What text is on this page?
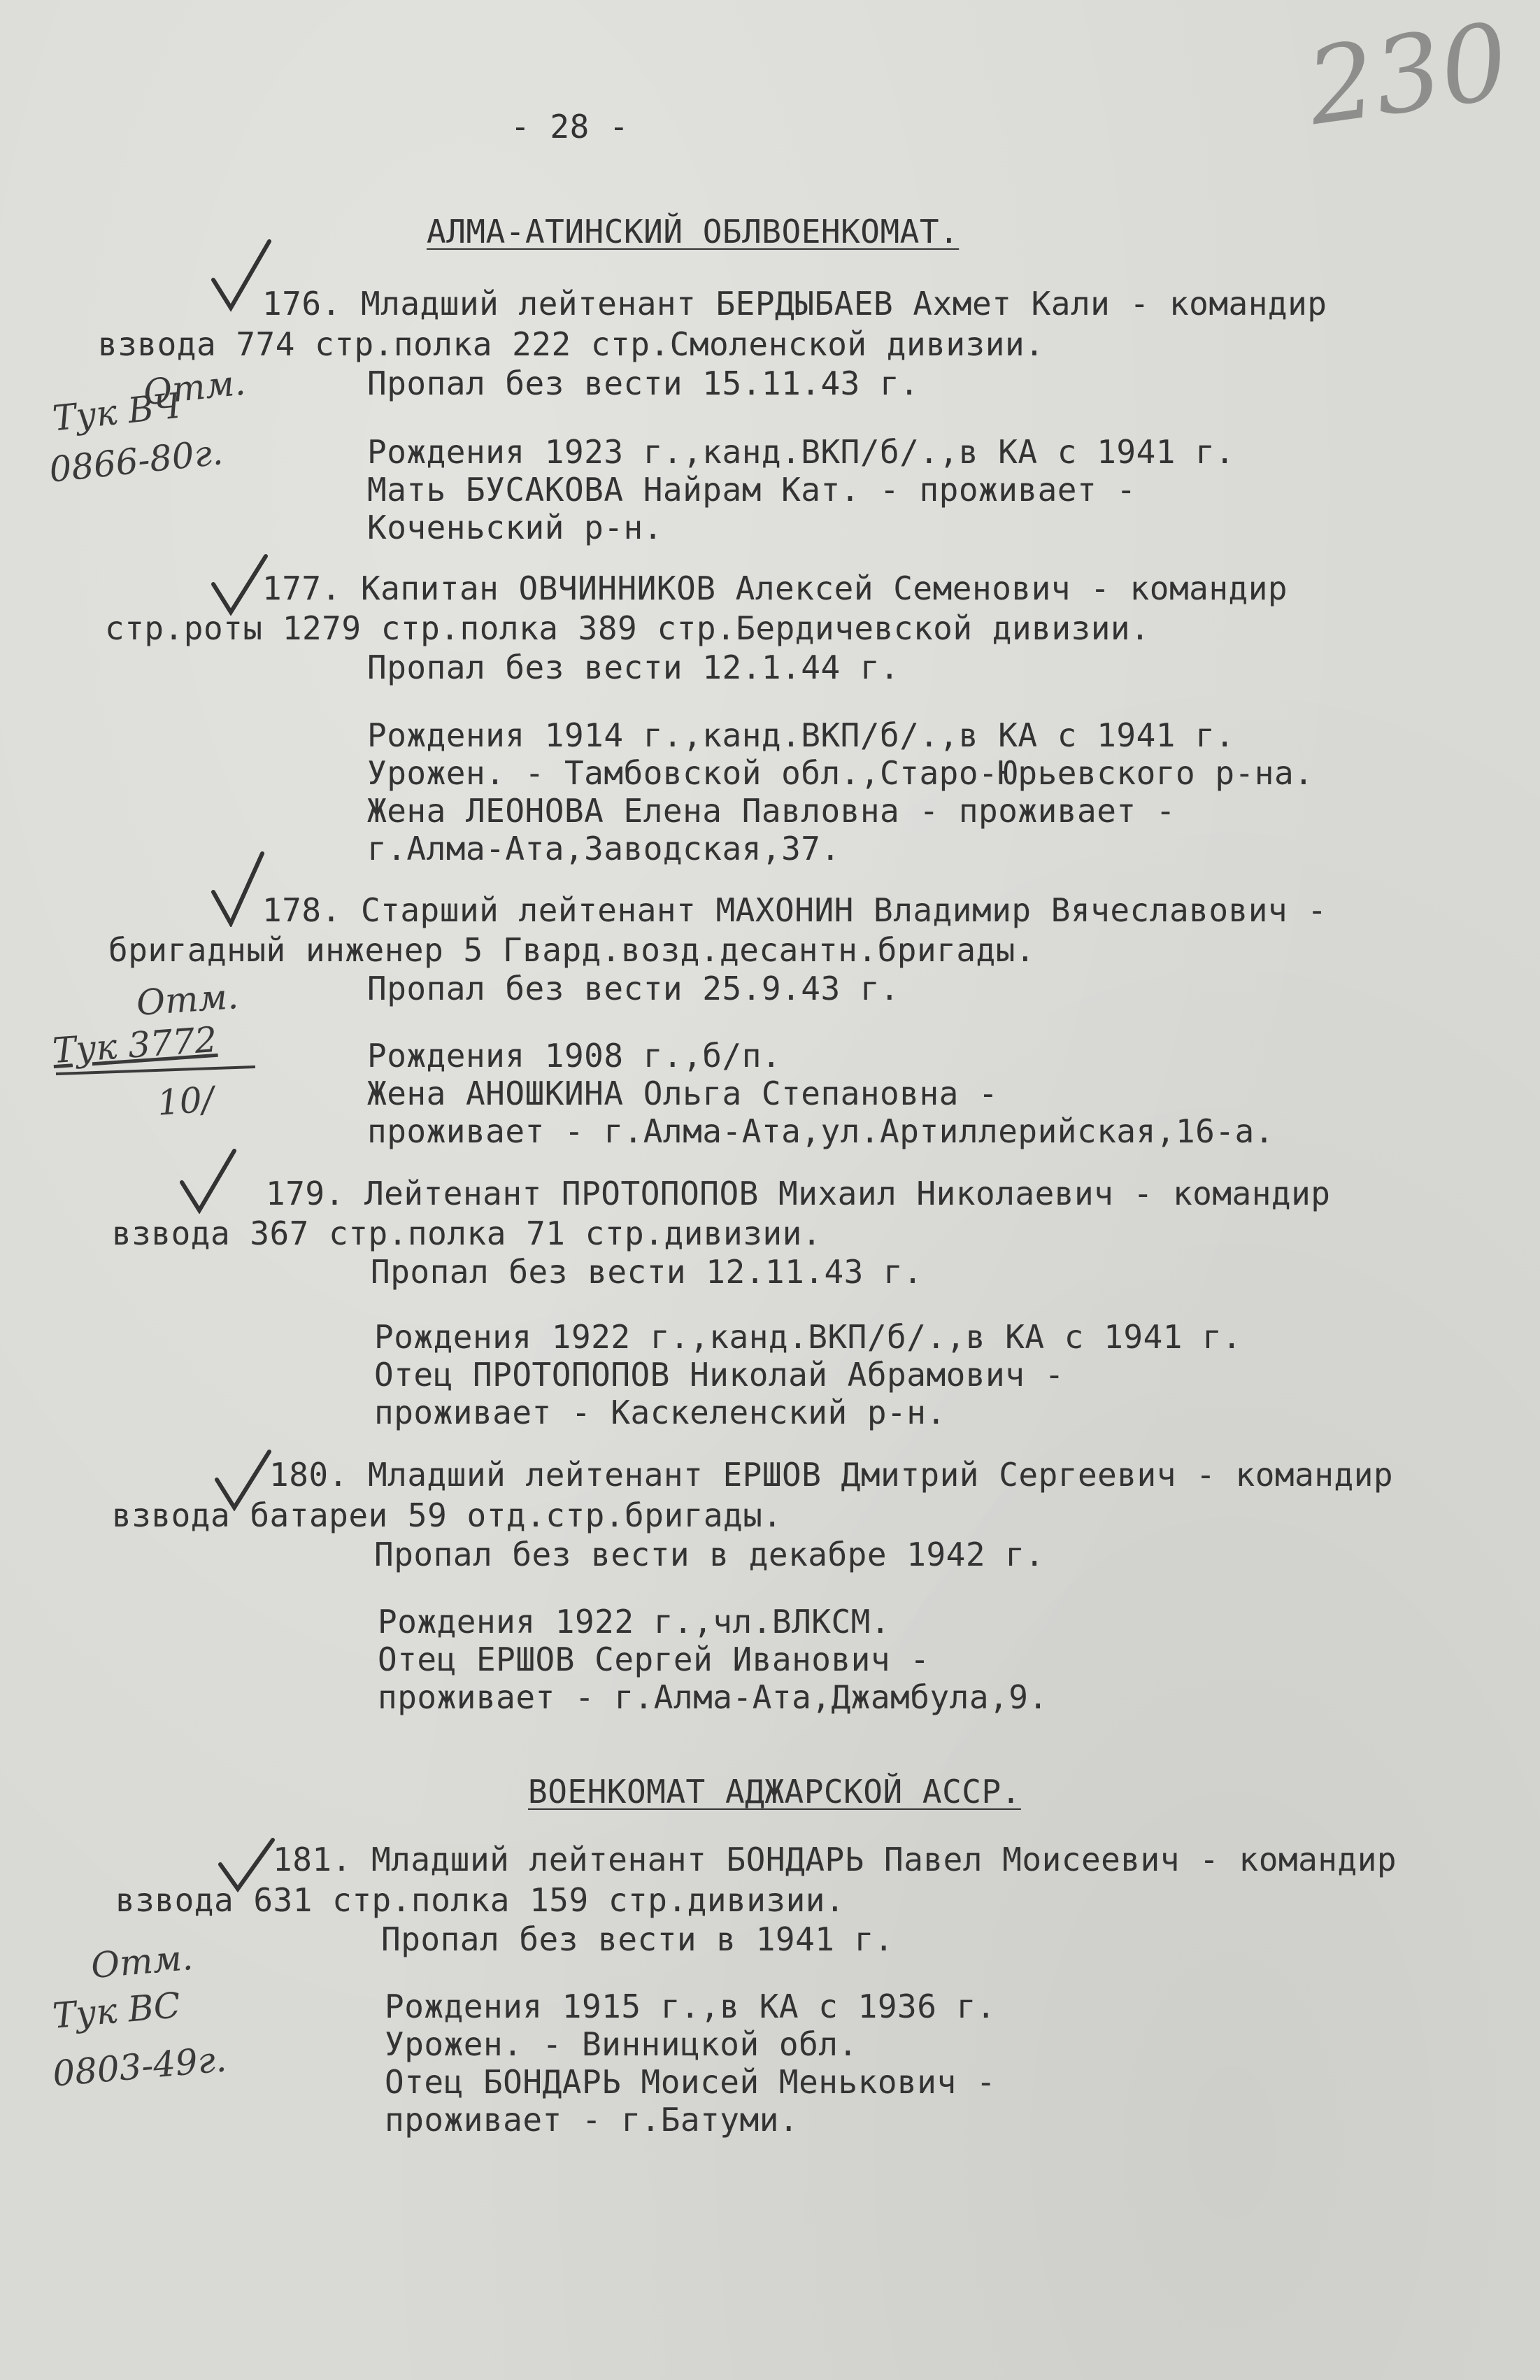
230
- 28 -
АЛМА-АТИНСКИЙ ОБЛВОЕНКОМАТ.
176. Младший лейтенант БЕРДЫБАЕВ Ахмет Кали - командир
взвода 774 стр.полка 222 стр.Смоленской дивизии.
Пропал без вести 15.11.43 г.
Рождения 1923 г.,канд.ВКП/б/.,в КА с 1941 г.
Мать БУСАКОВА Найрам Кат. - проживает -
Коченьский р-н.
Отм.
Тук ВЧ
0866-80г.
177. Капитан ОВЧИННИКОВ Алексей Семенович - командир
стр.роты 1279 стр.полка 389 стр.Бердичевской дивизии.
Пропал без вести 12.1.44 г.
Рождения 1914 г.,канд.ВКП/б/.,в КА с 1941 г.
Урожен. - Тамбовской обл.,Старо-Юрьевского р-на.
Жена ЛЕОНОВА Елена Павловна - проживает -
г.Алма-Ата,Заводская,37.
178. Старший лейтенант МАХОНИН Владимир Вячеславович -
бригадный инженер 5 Гвард.возд.десантн.бригады.
Пропал без вести 25.9.43 г.
Рождения 1908 г.,б/п.
Жена АНОШКИНА Ольга Степановна -
проживает - г.Алма-Ата,ул.Артиллерийская,16-а.
Отм.
Тук 3772
10/
179. Лейтенант ПРОТОПОПОВ Михаил Николаевич - командир
взвода 367 стр.полка 71 стр.дивизии.
Пропал без вести 12.11.43 г.
Рождения 1922 г.,канд.ВКП/б/.,в КА с 1941 г.
Отец ПРОТОПОПОВ Николай Абрамович -
проживает - Каскеленский р-н.
180. Младший лейтенант ЕРШОВ Дмитрий Сергеевич - командир
взвода батареи 59 отд.стр.бригады.
Пропал без вести в декабре 1942 г.
Рождения 1922 г.,чл.ВЛКСМ.
Отец ЕРШОВ Сергей Иванович -
проживает - г.Алма-Ата,Джамбула,9.
ВОЕНКОМАТ АДЖАРСКОЙ АССР.
181. Младший лейтенант БОНДАРЬ Павел Моисеевич - командир
взвода 631 стр.полка 159 стр.дивизии.
Пропал без вести в 1941 г.
Рождения 1915 г.,в КА с 1936 г.
Урожен. - Винницкой обл.
Отец БОНДАРЬ Моисей Менькович -
проживает - г.Батуми.
Отм.
Тук ВС
0803-49г.
